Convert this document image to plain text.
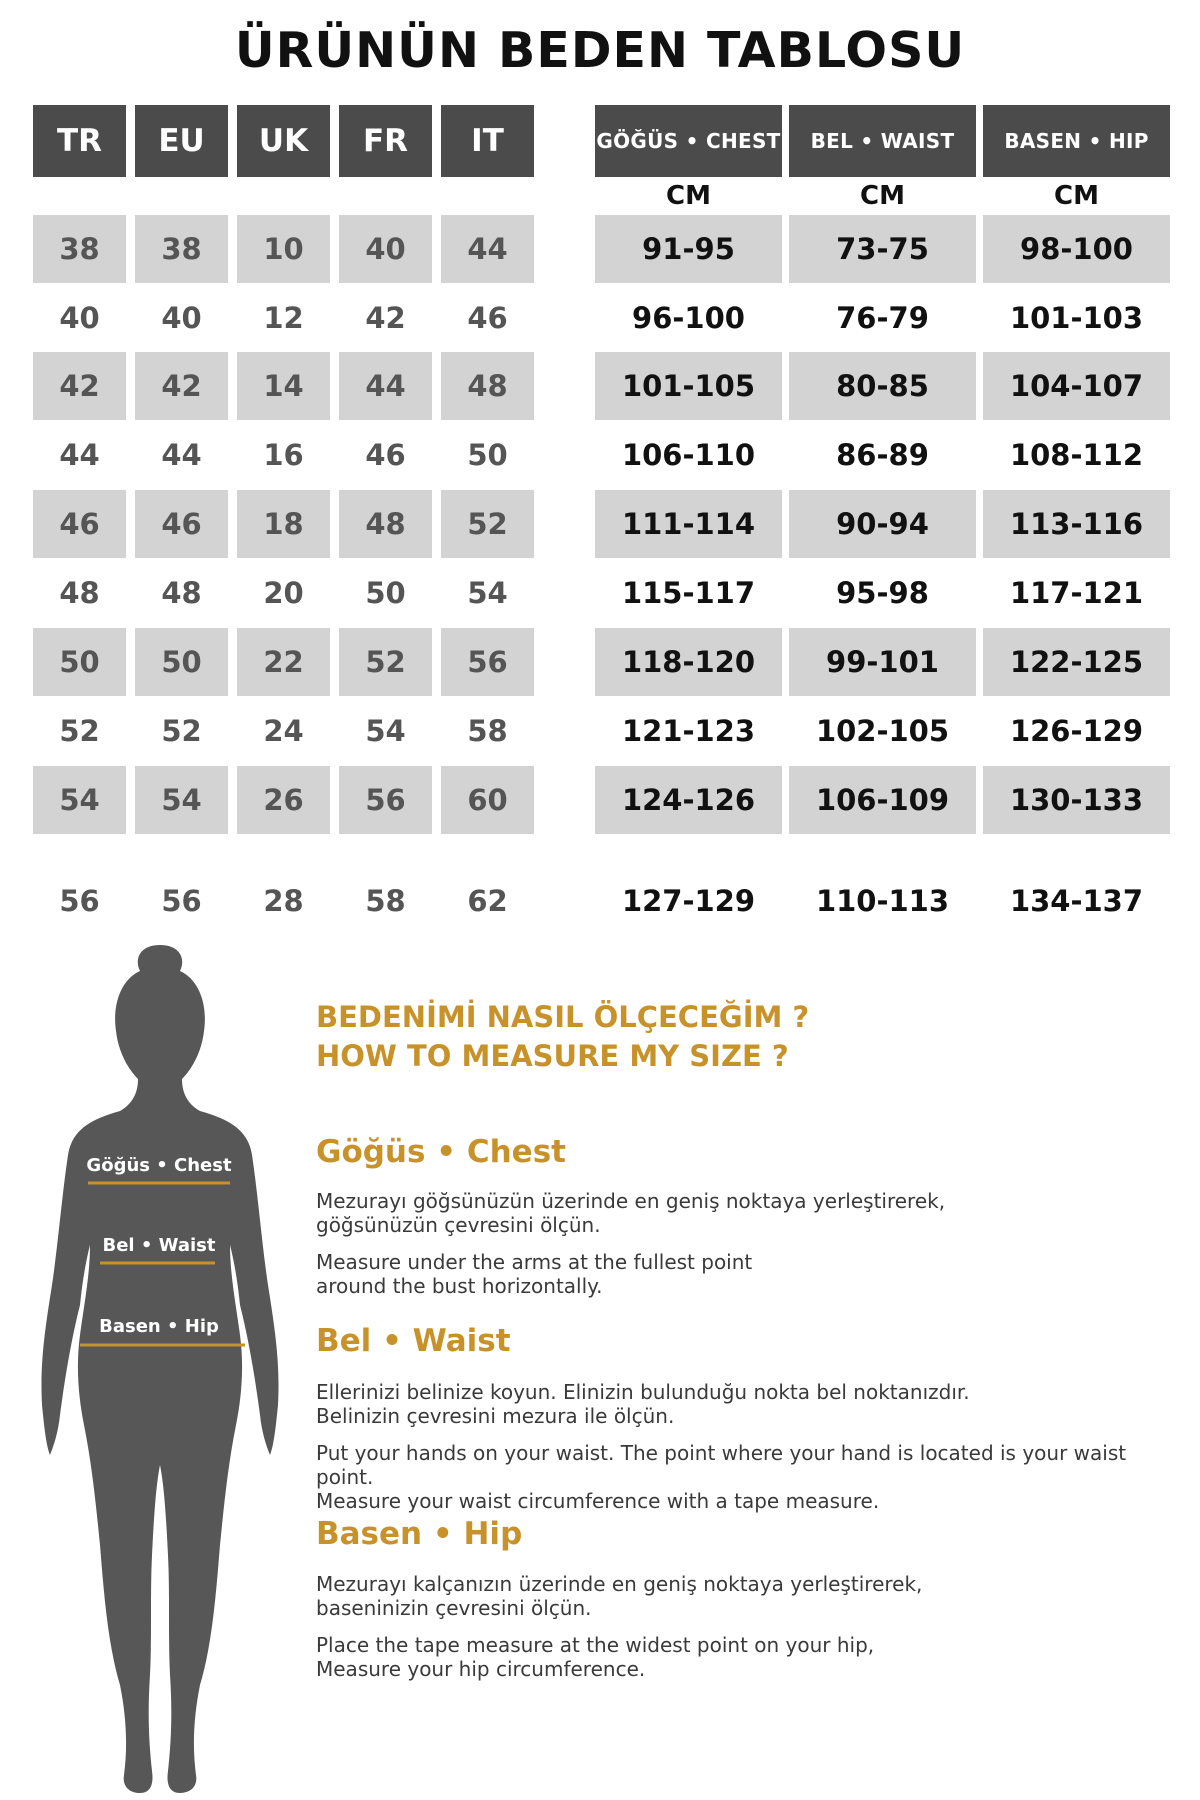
ÜRÜNÜN BEDEN TABLOSU
TR	EU	UK	FR	IT	GÖĞÜS • CHEST	BEL • WAIST	BASEN • HIP
CM	CM	CM
38	38	10	40	44	91-95	73-75	98-100
40	40	12	42	46	96-100	76-79	101-103
42	42	14	44	48	101-105	80-85	104-107
44	44	16	46	50	106-110	86-89	108-112
46	46	18	48	52	111-114	90-94	113-116
48	48	20	50	54	115-117	95-98	117-121
50	50	22	52	56	118-120	99-101	122-125
52	52	24	54	58	121-123	102-105	126-129
54	54	26	56	60	124-126	106-109	130-133
56	56	28	58	62	127-129	110-113	134-137
Göğüs • Chest
Bel • Waist
Basen • Hip
BEDENİMİ NASIL ÖLÇECEĞİM ?
HOW TO MEASURE MY SIZE ?
Göğüs • Chest
Mezurayı göğsünüzün üzerinde en geniş noktaya yerleştirerek,
göğsünüzün çevresini ölçün.
Measure under the arms at the fullest point
around the bust horizontally.
Bel • Waist
Ellerinizi belinize koyun. Elinizin bulunduğu nokta bel noktanızdır.
Belinizin çevresini mezura ile ölçün.
Put your hands on your waist. The point where your hand is located is your waist point.
Measure your waist circumference with a tape measure.
Basen • Hip
Mezurayı kalçanızın üzerinde en geniş noktaya yerleştirerek,
baseninizin çevresini ölçün.
Place the tape measure at the widest point on your hip,
Measure your hip circumference.
